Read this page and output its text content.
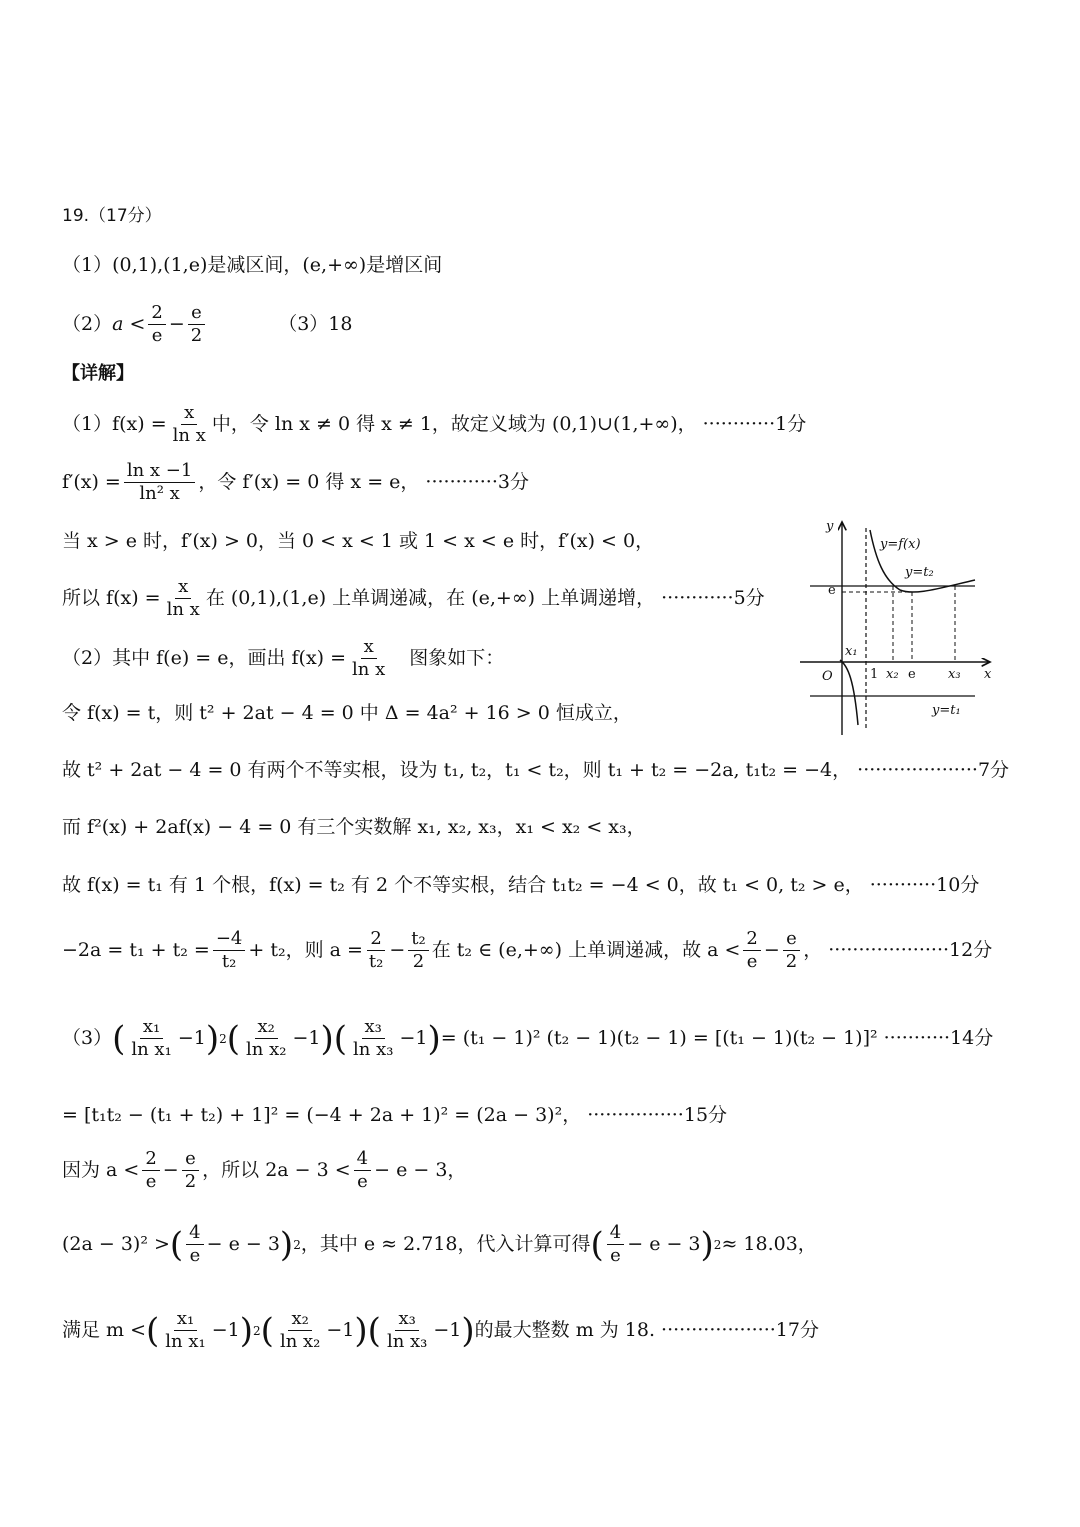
19.（17分）
（1）(0,1),(1,e)是减区间，(e,+∞)是增区间
（2） $a < \frac{2}{e} - \frac{e}{2}$	（3）18
【详解】
$(1)f(x) = \frac{x}{\text{ln x}}$ 中，令 ln x ≠ 0 得 x ≠ 1，故定义域为 (0,1)∪(1,+∞)， ············1分
$f'(x) = \frac{\text{ln x −1}}{\text{ln² x}}$ ，令 f′(x) = 0 得 x = e， ············3分
当 x > e 时，f′(x) > 0，当 0 < x < 1 或 1 < x < e 时，f′(x) < 0，
所以 $f(x) = \frac{x}{\text{ln x}}$ 在 (0,1),(1,e) 上单调递减，在 (e,+∞) 上单调递增， ············5分
（2）其中 f(e) = e，画出 $f(x) = \frac{x}{\text{ln x}}$ 图象如下：
令 f(x) = t，则 t² + 2at − 4 = 0 中 Δ = 4a² + 16 > 0 恒成立，
故 t² + 2at − 4 = 0 有两个不等实根，设为 t₁, t₂，t₁ < t₂，则 t₁ + t₂ = −2a, t₁t₂ = −4， ····················7分
而 f²(x) + 2af(x) − 4 = 0 有三个实数解 x₁, x₂, x₃，x₁ < x₂ < x₃，
故 f(x) = t₁ 有 1 个根，f(x) = t₂ 有 2 个不等实根，结合 t₁t₂ = −4 < 0，故 t₁ < 0, t₂ > e， ···········10分
$-2a = t_1 + t_2 = \frac{-4}{\text{t₂}} + t_2$，则 $a = \frac{2}{\text{t₂}} - \frac{\text{t₂}}{2}$ 在 t₂ ∈ (e,+∞) 上单调递减，故 $a < \frac{2}{e} - \frac{e}{2}$ ， ····················12分
（3） ( $\frac{\text{x₁}}{\text{ln x₁}} -1$ ) 2 ( $\frac{\text{x₂}}{\text{ln x₂}} -1$ )( $\frac{\text{x₃}}{\text{ln x₃}} -1$ ) = (t₁ − 1)² (t₂ − 1)(t₂ − 1) = [(t₁ − 1)(t₂ − 1)]² ···········14分
= [t₁t₂ − (t₁ + t₂) + 1]² = (−4 + 2a + 1)² = (2a − 3)²， ················15分
因为 $a < \frac{2}{e} - \frac{e}{2}$ ，所以 $2a - 3 < \frac{4}{e} - e - 3$，
(2a − 3)² > ( $\frac{4}{e} - e - 3$ ) 2 ，其中 e ≈ 2.718，代入计算可得 ( $\frac{4}{e} - e - 3$ ) 2 ≈ 18.03，
满足 m < ( $\frac{\text{x₁}}{\text{ln x₁}} -1$ ) 2 ( $\frac{\text{x₂}}{\text{ln x₂}} -1$ )( $\frac{\text{x₃}}{\text{ln x₃}} -1$ ) 的最大整数 m 为 18. ···················17分
y
x
O
y=f(x)
y=t₂
y=t₁
e
1
x₁
x₂ e x₃
